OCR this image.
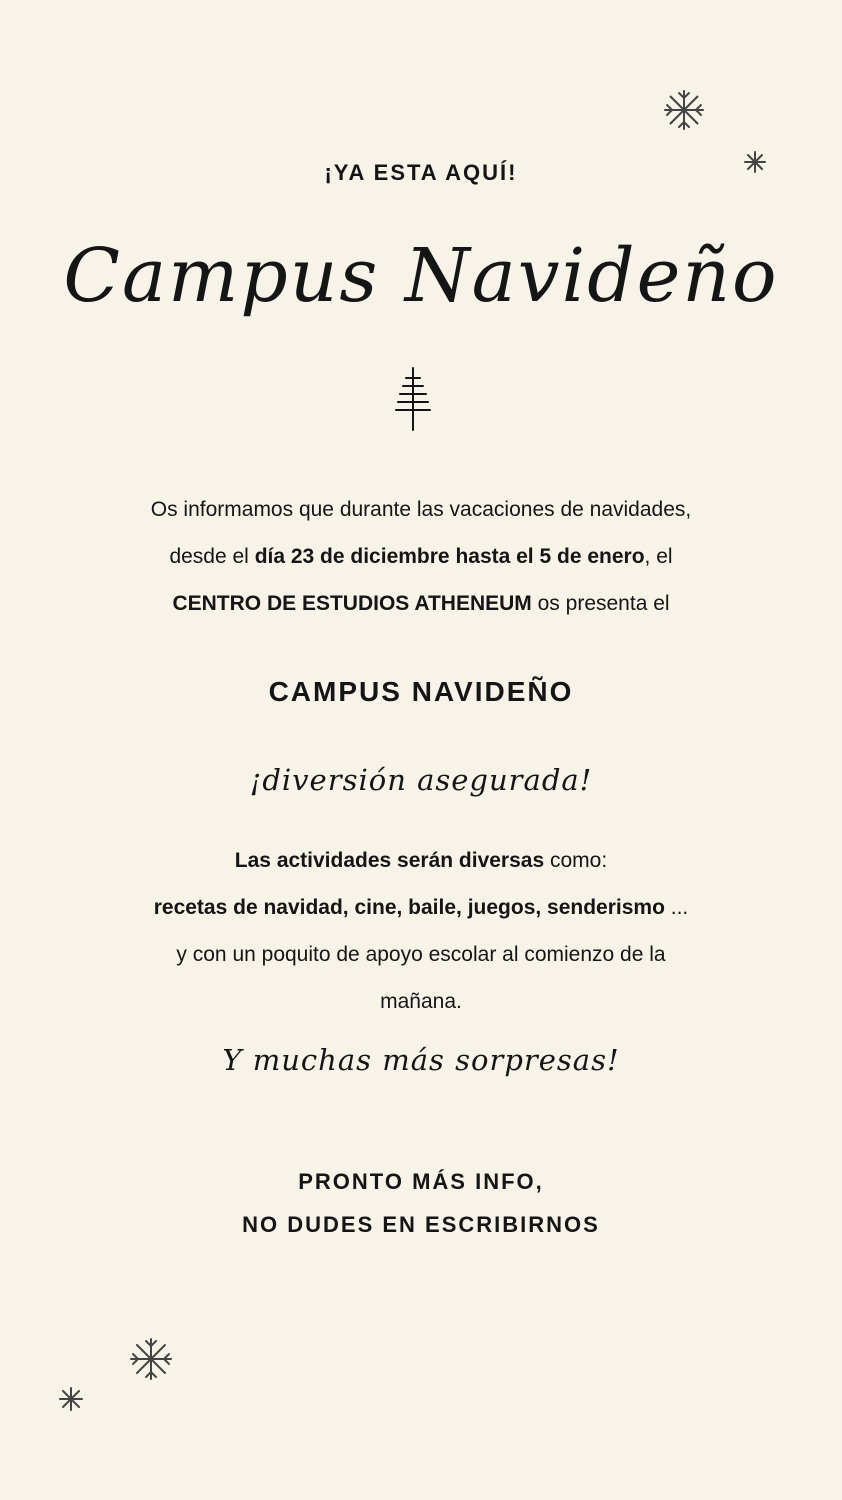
¡YA ESTA AQUÍ!
Campus Navideño
Os informamos que durante las vacaciones de navidades,
desde el día 23 de diciembre hasta el 5 de enero, el
CENTRO DE ESTUDIOS ATHENEUM os presenta el
CAMPUS NAVIDEÑO
¡diversión asegurada!
Las actividades serán diversas como:
recetas de navidad, cine, baile, juegos, senderismo ...
y con un poquito de apoyo escolar al comienzo de la
mañana.
Y muchas más sorpresas!
PRONTO MÁS INFO,
NO DUDES EN ESCRIBIRNOS
